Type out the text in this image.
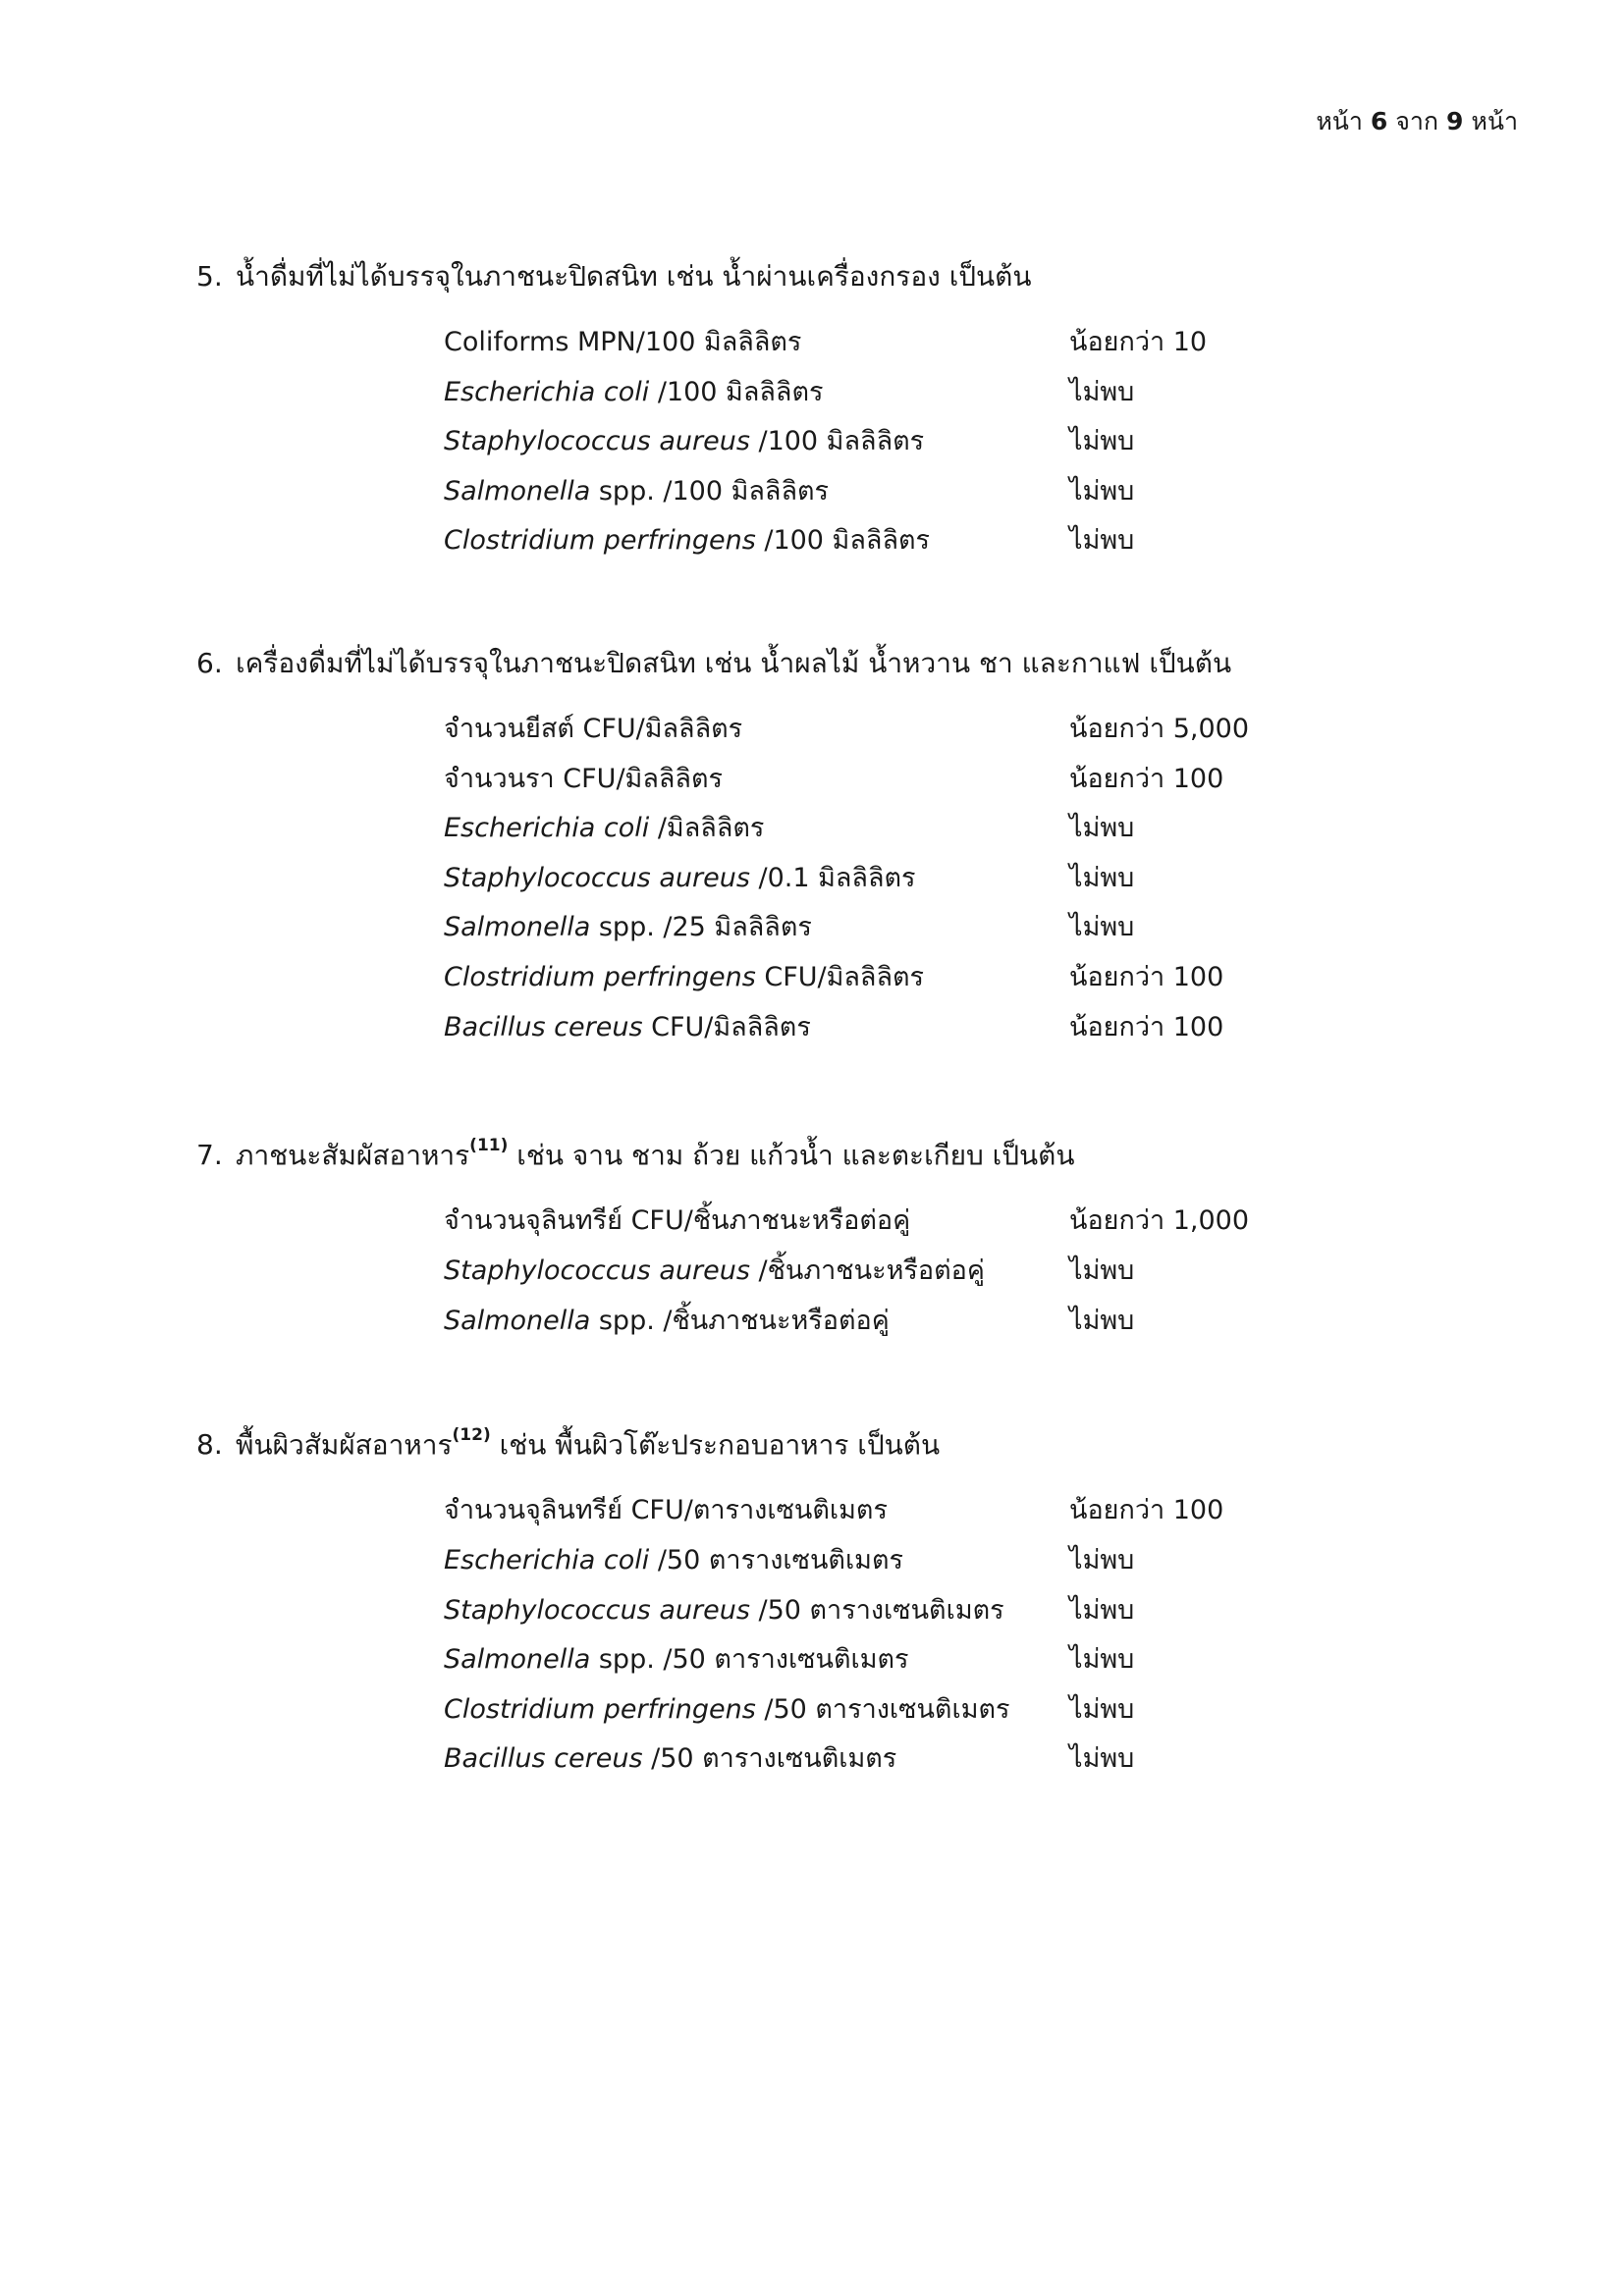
หน้า 6 จาก 9 หน้า
5. น้ำดื่มที่ไม่ได้บรรจุในภาชนะปิดสนิท เช่น น้ำผ่านเครื่องกรอง เป็นต้น
Coliforms MPN/100 มิลลิลิตร	น้อยกว่า 10
Escherichia coli /100 มิลลิลิตร	ไม่พบ
Staphylococcus aureus /100 มิลลิลิตร	ไม่พบ
Salmonella spp. /100 มิลลิลิตร	ไม่พบ
Clostridium perfringens /100 มิลลิลิตร	ไม่พบ
6. เครื่องดื่มที่ไม่ได้บรรจุในภาชนะปิดสนิท เช่น น้ำผลไม้ น้ำหวาน ชา และกาแฟ เป็นต้น
จำนวนยีสต์ CFU/มิลลิลิตร	น้อยกว่า 5,000
จำนวนรา CFU/มิลลิลิตร	น้อยกว่า 100
Escherichia coli /มิลลิลิตร	ไม่พบ
Staphylococcus aureus /0.1 มิลลิลิตร	ไม่พบ
Salmonella spp. /25 มิลลิลิตร	ไม่พบ
Clostridium perfringens CFU/มิลลิลิตร	น้อยกว่า 100
Bacillus cereus CFU/มิลลิลิตร	น้อยกว่า 100
7. ภาชนะสัมผัสอาหาร$^{(11)}$ เช่น จาน ชาม ถ้วย แก้วน้ำ และตะเกียบ เป็นต้น
จำนวนจุลินทรีย์ CFU/ชิ้นภาชนะหรือต่อคู่	น้อยกว่า 1,000
Staphylococcus aureus /ชิ้นภาชนะหรือต่อคู่	ไม่พบ
Salmonella spp. /ชิ้นภาชนะหรือต่อคู่	ไม่พบ
8. พื้นผิวสัมผัสอาหาร$^{(12)}$ เช่น พื้นผิวโต๊ะประกอบอาหาร เป็นต้น
จำนวนจุลินทรีย์ CFU/ตารางเซนติเมตร	น้อยกว่า 100
Escherichia coli /50 ตารางเซนติเมตร	ไม่พบ
Staphylococcus aureus /50 ตารางเซนติเมตร ไม่พบ
Salmonella spp. /50 ตารางเซนติเมตร	ไม่พบ
Clostridium perfringens /50 ตารางเซนติเมตร ไม่พบ
Bacillus cereus /50 ตารางเซนติเมตร	ไม่พบ
